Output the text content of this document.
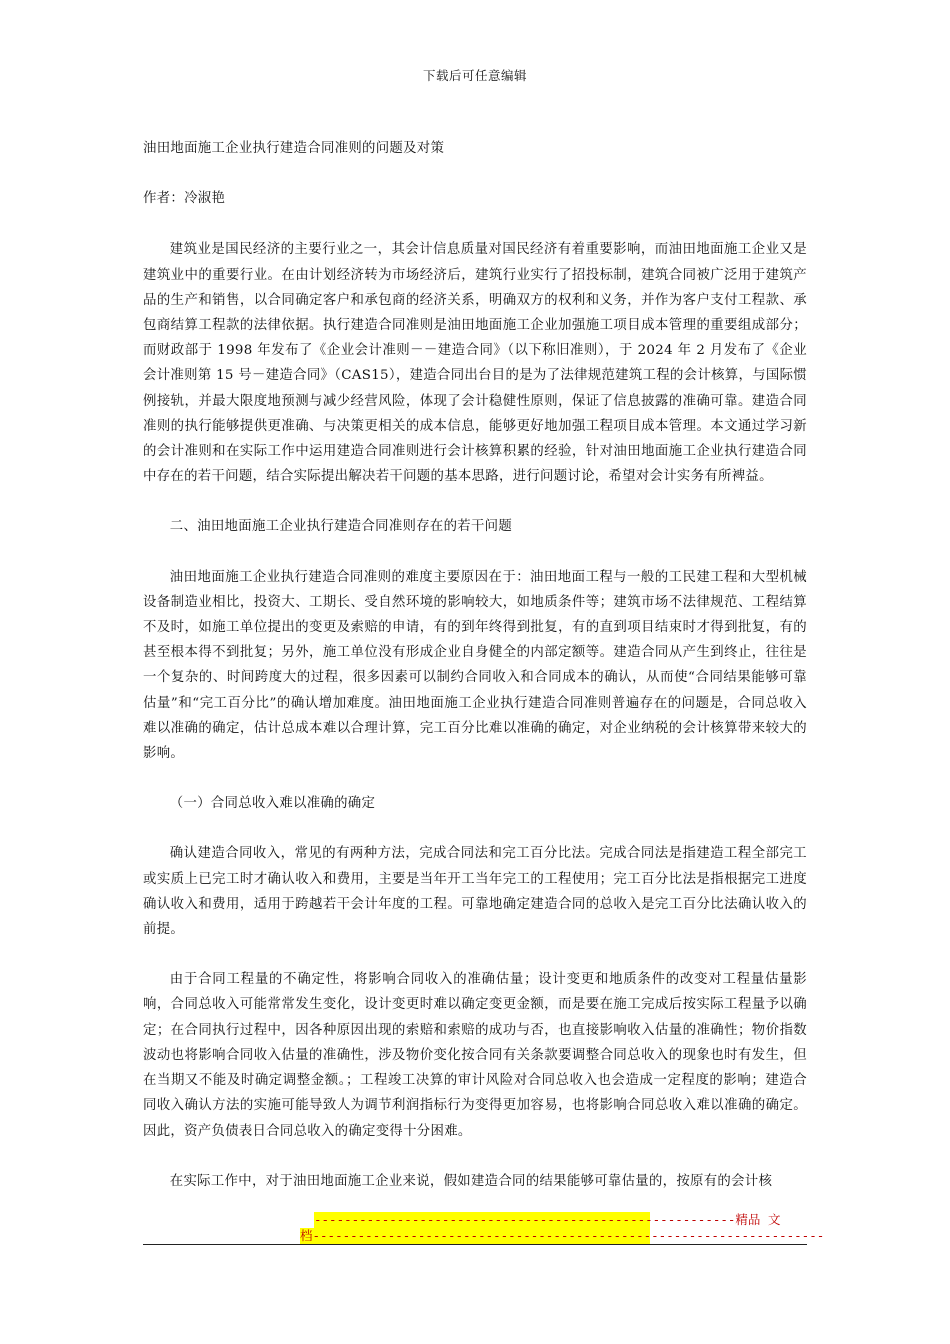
下载后可任意编辑

油田地面施工企业执行建造合同准则的问题及对策

作者：冷淑艳

建筑业是国民经济的主要行业之一，其会计信息质量对国民经济有着重要影响，而油田地面施工企业又是建筑业中的重要行业。在由计划经济转为市场经济后，建筑行业实行了招投标制，建筑合同被广泛用于建筑产品的生产和销售，以合同确定客户和承包商的经济关系，明确双方的权利和义务，并作为客户支付工程款、承包商结算工程款的法律依据。执行建造合同准则是油田地面施工企业加强施工项目成本管理的重要组成部分；而财政部于 1998 年发布了《企业会计准则－－建造合同》（以下称旧准则），于 2024 年 2 月发布了《企业会计准则第 15 号－建造合同》（CAS15），建造合同出台目的是为了法律规范建筑工程的会计核算，与国际惯例接轨，并最大限度地预测与减少经营风险，体现了会计稳健性原则，保证了信息披露的准确可靠。建造合同准则的执行能够提供更准确、与决策更相关的成本信息，能够更好地加强工程项目成本管理。本文通过学习新的会计准则和在实际工作中运用建造合同准则进行会计核算积累的经验，针对油田地面施工企业执行建造合同中存在的若干问题，结合实际提出解决若干问题的基本思路，进行问题讨论，希望对会计实务有所裨益。

二、油田地面施工企业执行建造合同准则存在的若干问题

油田地面施工企业执行建造合同准则的难度主要原因在于：油田地面工程与一般的工民建工程和大型机械设备制造业相比，投资大、工期长、受自然环境的影响较大，如地质条件等；建筑市场不法律规范、工程结算不及时，如施工单位提出的变更及索赔的申请，有的到年终得到批复，有的直到项目结束时才得到批复，有的甚至根本得不到批复；另外，施工单位没有形成企业自身健全的内部定额等。建造合同从产生到终止，往往是一个复杂的、时间跨度大的过程，很多因素可以制约合同收入和合同成本的确认，从而使“合同结果能够可靠估量”和“完工百分比”的确认增加难度。油田地面施工企业执行建造合同准则普遍存在的问题是，合同总收入难以准确的确定，估计总成本难以合理计算，完工百分比难以准确的确定，对企业纳税的会计核算带来较大的影响。

（一）合同总收入难以准确的确定

确认建造合同收入，常见的有两种方法，完成合同法和完工百分比法。完成合同法是指建造工程全部完工或实质上已完工时才确认收入和费用，主要是当年开工当年完工的工程使用；完工百分比法是指根据完工进度确认收入和费用，适用于跨越若干会计年度的工程。可靠地确定建造合同的总收入是完工百分比法确认收入的前提。

由于合同工程量的不确定性，将影响合同收入的准确估量；设计变更和地质条件的改变对工程量估量影响，合同总收入可能常常发生变化，设计变更时难以确定变更金额，而是要在施工完成后按实际工程量予以确定；在合同执行过程中，因各种原因出现的索赔和索赔的成功与否，也直接影响收入估量的准确性；物价指数波动也将影响合同收入估量的准确性，涉及物价变化按合同有关条款要调整合同总收入的现象也时有发生，但在当期又不能及时确定调整金额。；工程竣工决算的审计风险对合同总收入也会造成一定程度的影响；建造合同收入确认方法的实施可能导致人为调节利润指标行为变得更加容易，也将影响合同总收入难以准确的确定。因此，资产负债表日合同总收入的确定变得十分困难。

在实际工作中，对于油田地面施工企业来说，假如建造合同的结果能够可靠估量的，按原有的会计核

--------------------------------------------------------精品 文
档--------------------------------------------------------------------
